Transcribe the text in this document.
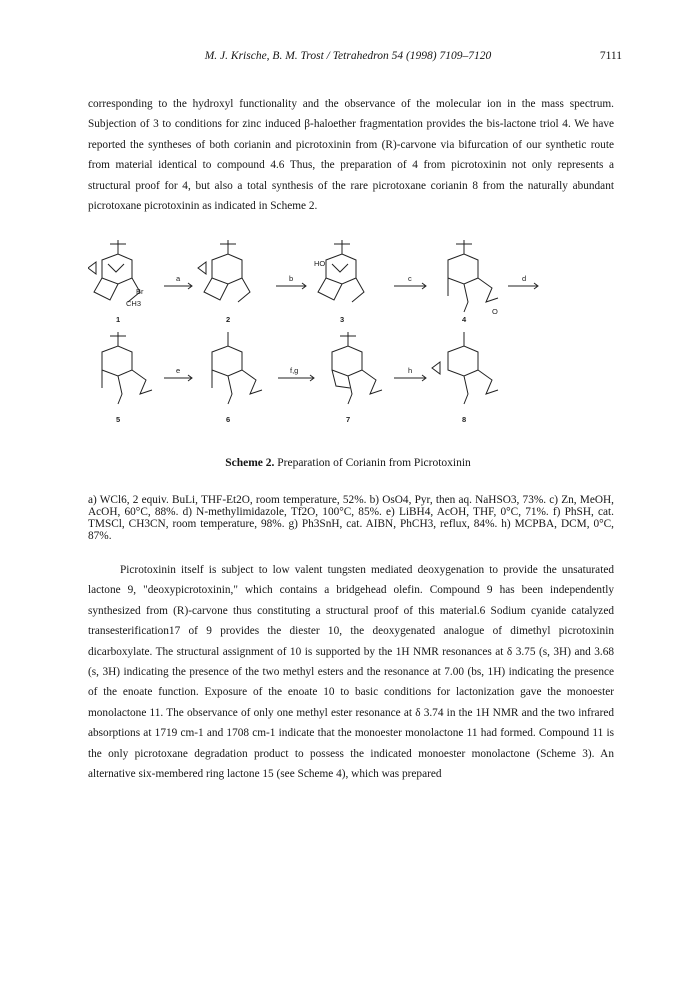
M. J. Krische, B. M. Trost / Tetrahedron 54 (1998) 7109–7120	7111

corresponding to the hydroxyl functionality and the observance of the molecular ion in the mass spectrum. Subjection of 3 to conditions for zinc induced β-haloether fragmentation provides the bis-lactone triol 4. We have reported the syntheses of both corianin and picrotoxinin from (R)-carvone via bifurcation of our synthetic route from material identical to compound 4.6 Thus, the preparation of 4 from picrotoxinin not only represents a structural proof for 4, but also a total synthesis of the rare picrotoxane corianin 8 from the naturally abundant picrotoxane picrotoxinin as indicated in Scheme 2.

a	b	c	d
e	f,g	h
1	2	3	4
5	6	7	8
Br
CH3
HO
O
Scheme 2. Preparation of Corianin from Picrotoxinin

a) WCl6, 2 equiv. BuLi, THF-Et2O, room temperature, 52%. b) OsO4, Pyr, then aq. NaHSO3, 73%. c) Zn, MeOH, AcOH, 60°C, 88%. d) N-methylimidazole, Tf2O, 100°C, 85%. e) LiBH4, AcOH, THF, 0°C, 71%. f) PhSH, cat. TMSCl, CH3CN, room temperature, 98%. g) Ph3SnH, cat. AIBN, PhCH3, reflux, 84%. h) MCPBA, DCM, 0°C, 87%.

Picrotoxinin itself is subject to low valent tungsten mediated deoxygenation to provide the unsaturated lactone 9, "deoxypicrotoxinin," which contains a bridgehead olefin. Compound 9 has been independently synthesized from (R)-carvone thus constituting a structural proof of this material.6 Sodium cyanide catalyzed transesterification17 of 9 provides the diester 10, the deoxygenated analogue of dimethyl picrotoxinin dicarboxylate. The structural assignment of 10 is supported by the 1H NMR resonances at δ 3.75 (s, 3H) and 3.68 (s, 3H) indicating the presence of the two methyl esters and the resonance at 7.00 (bs, 1H) indicating the presence of the enoate function. Exposure of the enoate 10 to basic conditions for lactonization gave the monoester monolactone 11. The observance of only one methyl ester resonance at δ 3.74 in the 1H NMR and the two infrared absorptions at 1719 cm-1 and 1708 cm-1 indicate that the monoester monolactone 11 had formed. Compound 11 is the only picrotoxane degradation product to possess the indicated monoester monolactone (Scheme 3). An alternative six-membered ring lactone 15 (see Scheme 4), which was prepared
